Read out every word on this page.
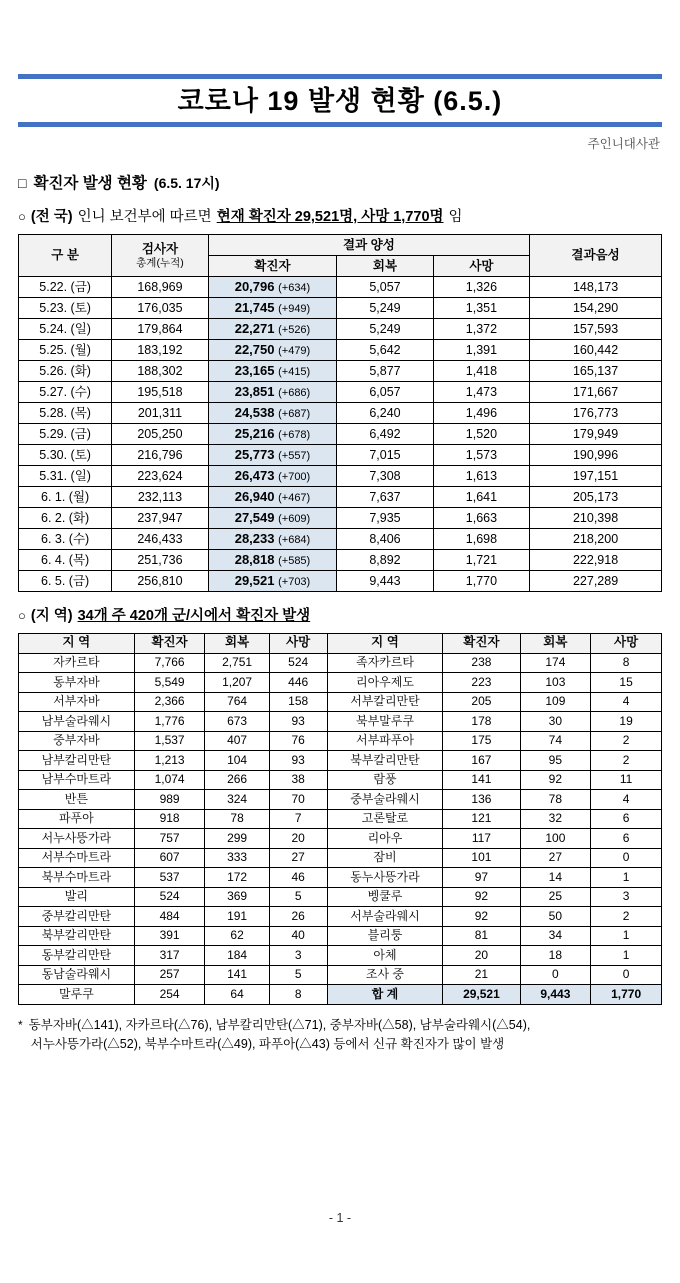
코로나 19 발생 현황 (6.5.)
주인니대사관
□ 확진자 발생 현황 (6.5. 17시)
○ (전 국) 인니 보건부에 따르면 현재 확진자 29,521명, 사망 1,770명 임
구 분	검사자
총계(누적)	결과 양성			결과음성
		확진자	회복	사망	
5.22. (금)	168,969	20,796 (+634)	5,057	1,326	148,173
5.23. (토)	176,035	21,745 (+949)	5,249	1,351	154,290
5.24. (일)	179,864	22,271 (+526)	5,249	1,372	157,593
5.25. (월)	183,192	22,750 (+479)	5,642	1,391	160,442
5.26. (화)	188,302	23,165 (+415)	5,877	1,418	165,137
5.27. (수)	195,518	23,851 (+686)	6,057	1,473	171,667
5.28. (목)	201,311	24,538 (+687)	6,240	1,496	176,773
5.29. (금)	205,250	25,216 (+678)	6,492	1,520	179,949
5.30. (토)	216,796	25,773 (+557)	7,015	1,573	190,996
5.31. (일)	223,624	26,473 (+700)	7,308	1,613	197,151
6. 1. (월)	232,113	26,940 (+467)	7,637	1,641	205,173
6. 2. (화)	237,947	27,549 (+609)	7,935	1,663	210,398
6. 3. (수)	246,433	28,233 (+684)	8,406	1,698	218,200
6. 4. (목)	251,736	28,818 (+585)	8,892	1,721	222,918
6. 5. (금)	256,810	29,521 (+703)	9,443	1,770	227,289
○ (지 역) 34개 주 420개 군/시에서 확진자 발생
지 역	확진자	회복	사망	지 역	확진자	회복	사망
자카르타	7,766	2,751	524	족자카르타	238	174	8
동부자바	5,549	1,207	446	리아우제도	223	103	15
서부자바	2,366	764	158	서부칼리만탄	205	109	4
남부술라웨시	1,776	673	93	북부말루쿠	178	30	19
중부자바	1,537	407	76	서부파푸아	175	74	2
남부칼리만탄	1,213	104	93	북부칼리만탄	167	95	2
남부수마트라	1,074	266	38	람풍	141	92	11
반튼	989	324	70	중부술라웨시	136	78	4
파푸아	918	78	7	고론탈로	121	32	6
서누사뜽가라	757	299	20	리아우	117	100	6
서부수마트라	607	333	27	잠비	101	27	0
북부수마트라	537	172	46	동누사뜽가라	97	14	1
발리	524	369	5	벵쿨루	92	25	3
중부칼리만탄	484	191	26	서부술라웨시	92	50	2
북부칼리만탄	391	62	40	블리퉁	81	34	1
동부칼리만탄	317	184	3	아체	20	18	1
동남술라웨시	257	141	5	조사 중	21	0	0
말루쿠	254	64	8	합 계	29,521	9,443	1,770
* 동부자바(△141), 자카르타(△76), 남부칼리만탄(△71), 중부자바(△58), 남부술라웨시(△54),
서누사뜽가라(△52), 북부수마트라(△49), 파푸아(△43) 등에서 신규 확진자가 많이 발생
- 1 -
